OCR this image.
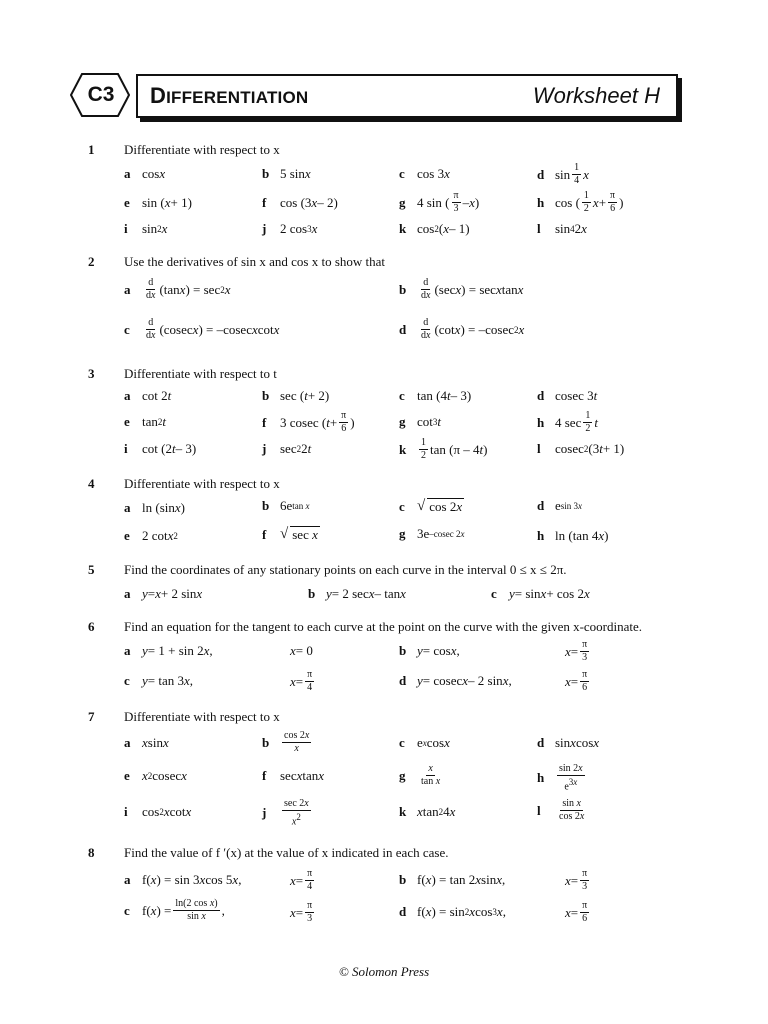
C3	DIFFERENTIATION	Worksheet H
1 Differentiate with respect to x
a cos x	b 5 sin x	c cos 3 x	d $\sin \frac{1}{4}$ x
e sin ( x + 1)	f	cos (3 x – 2)	g 4 sin ( $\frac{\pi}{3}$ – x )	h cos ( $\frac{1}{2}$ $x + \frac{\pi}{6}$ )
i	sin 2 x	j	2 cos 3 x	k cos 2 ( x – 1)	l	sin 4 2 x
2 Use the derivatives of sin x and cos x to show that
a	$\frac{d}{dx} (\tan$ x ) = sec 2 x	b	$\frac{d}{dx} (\sec$ x ) = sec x tan x
c	$\frac{d}{dx} (cosec$ x ) = –cosec x cot x	d	$\frac{d}{dx} (\cot$ x ) = –cosec 2 x
3 Differentiate with respect to t
a cot 2 t	b sec ( t + 2)	c tan (4 t – 3)	d cosec 3 t
e tan 2 t	f	3 cosec ( $t + \frac{\pi}{6}$ )	g cot 3 t	h 4 $\sec \frac{1}{2}$ t
i	cot (2 t – 3)	j	sec 2 2 t	k	$\frac{1}{2}$ tan (π – 4 t )	l	cosec 2 (3 t + 1)
4 Differentiate with respect to x
a ln (sin x )	b 6e tan x	c √ cos 2x	d e sin 3x
e 2 cot x 2	f √ sec x	g 3e –cosec 2x	h ln (tan 4 x )
5 Find the coordinates of any stationary points on each curve in the interval 0 ≤ x ≤ 2π.
a y = x + 2 sin x	b y = 2 sec x – tan x	c y = sin x + cos 2 x
6 Find an equation for the tangent to each curve at the point on the curve with the given x-coordinate.
a y = 1 + sin 2 x ,	x = 0	b y = cos x ,	$x = \frac{\pi}{3}$
c y = tan 3 x ,	$x = \frac{\pi}{4}$	d y = cosec x – 2 sin x ,	$x = \frac{\pi}{6}$
7 Differentiate with respect to x
a x sin x	b	$\frac{\cos 2x}{x}$	c e x cos x	d sin x cos x
e x 2 cosec x	f	sec x tan x	g	$\frac{x}{\text{tan x}}$	h	$\frac{\sin 2x}{e^{3x}}$
i	cos 2 x cot x	j	$\frac{\sec 2x}{x^2}$	k x tan 2 4 x	l	$\frac{\text{sin x}}{\cos 2x}$
8 Find the value of f ′(x) at the value of x indicated in each case.
a f( x ) = sin 3 x cos 5 x ,	$x = \frac{\pi}{4}$	b f( x ) = tan 2 x sin x ,	$x = \frac{\pi}{3}$
c f( x ) = $\frac{\text{ln(2 cos x)}}{\text{sin x}}$ ,	$x = \frac{\pi}{3}$	d f( x ) = sin 2 x cos 3 x ,	$x = \frac{\pi}{6}$
© Solomon Press
